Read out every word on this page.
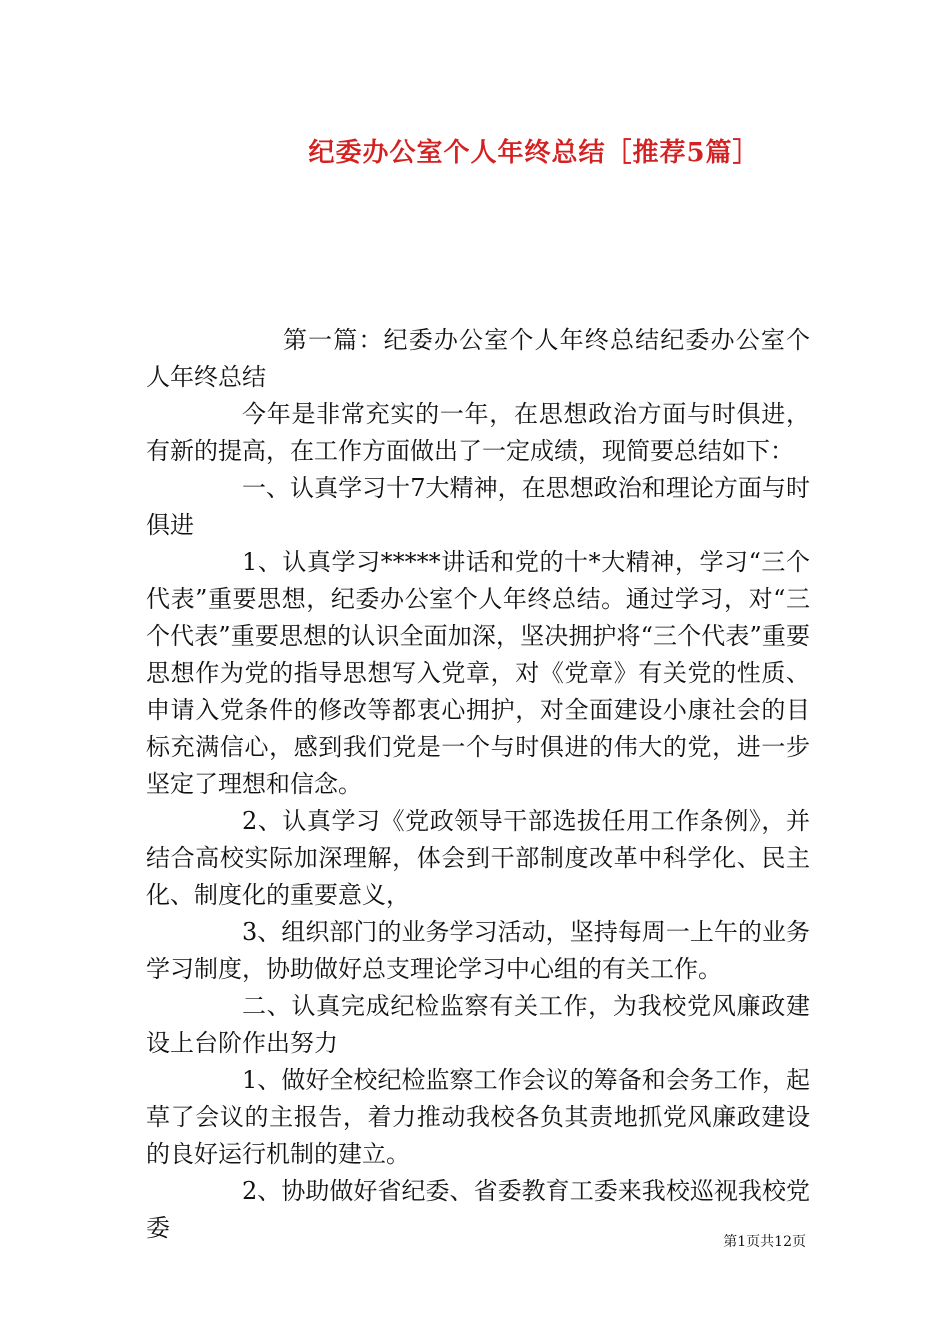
纪委办公室个人年终总结［推荐5篇］

第一篇：纪委办公室个人年终总结纪委办公室个人年终总结

今年是非常充实的一年，在思想政治方面与时俱进，有新的提高，在工作方面做出了一定成绩，现简要总结如下：

一、认真学习十7大精神，在思想政治和理论方面与时俱进

1、认真学习*****讲话和党的十*大精神，学习“三个代表”重要思想，纪委办公室个人年终总结。通过学习，对“三个代表”重要思想的认识全面加深，坚决拥护将“三个代表”重要思想作为党的指导思想写入党章，对《党章》有关党的性质、申请入党条件的修改等都衷心拥护，对全面建设小康社会的目标充满信心，感到我们党是一个与时俱进的伟大的党，进一步坚定了理想和信念。

2、认真学习《党政领导干部选拔任用工作条例》，并结合高校实际加深理解，体会到干部制度改革中科学化、民主化、制度化的重要意义，

3、组织部门的业务学习活动，坚持每周一上午的业务学习制度，协助做好总支理论学习中心组的有关工作。

二、认真完成纪检监察有关工作，为我校党风廉政建设上台阶作出努力

1、做好全校纪检监察工作会议的筹备和会务工作，起草了会议的主报告，着力推动我校各负其责地抓党风廉政建设的良好运行机制的建立。

2、协助做好省纪委、省委教育工委来我校巡视我校党委	第1页共12页
